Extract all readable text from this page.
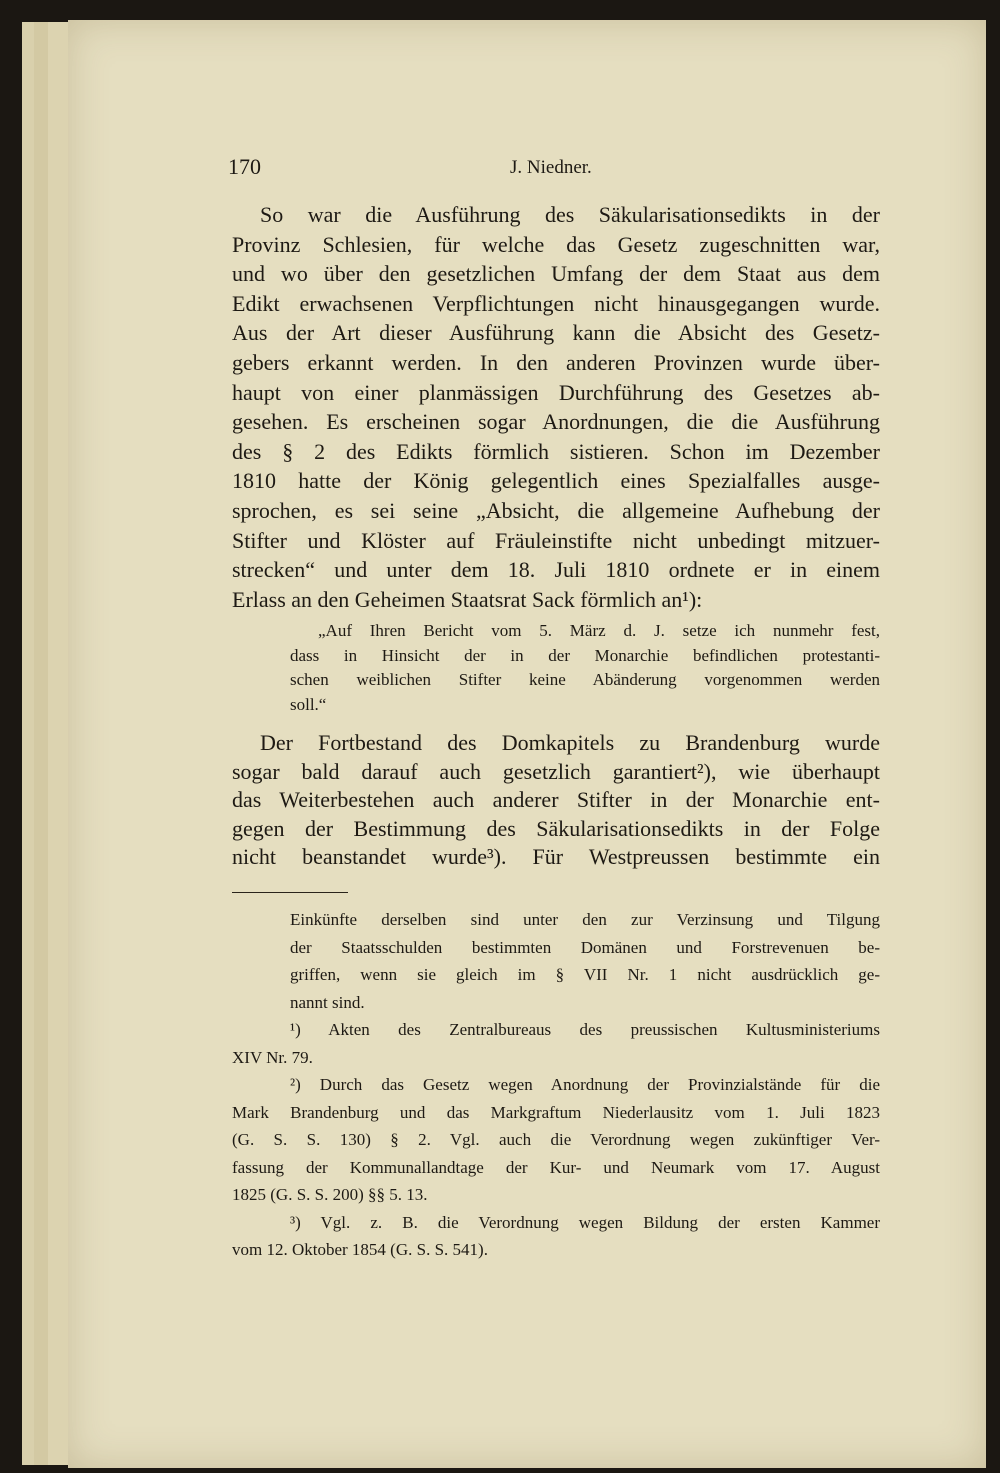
170	J. Niedner.
So war die Ausführung des Säkularisationsedikts in der
Provinz Schlesien, für welche das Gesetz zugeschnitten war,
und wo über den gesetzlichen Umfang der dem Staat aus dem
Edikt erwachsenen Verpflichtungen nicht hinausgegangen wurde.
Aus der Art dieser Ausführung kann die Absicht des Gesetz-
gebers erkannt werden. In den anderen Provinzen wurde über-
haupt von einer planmässigen Durchführung des Gesetzes ab-
gesehen. Es erscheinen sogar Anordnungen, die die Ausführung
des § 2 des Edikts förmlich sistieren. Schon im Dezember
1810 hatte der König gelegentlich eines Spezialfalles ausge-
sprochen, es sei seine „Absicht, die allgemeine Aufhebung der
Stifter und Klöster auf Fräuleinstifte nicht unbedingt mitzuer-
strecken“ und unter dem 18. Juli 1810 ordnete er in einem
Erlass an den Geheimen Staatsrat Sack förmlich an¹):
„Auf Ihren Bericht vom 5. März d. J. setze ich nunmehr fest,
dass in Hinsicht der in der Monarchie befindlichen protestanti-
schen weiblichen Stifter keine Abänderung vorgenommen werden
soll.“
Der Fortbestand des Domkapitels zu Brandenburg wurde
sogar bald darauf auch gesetzlich garantiert²), wie überhaupt
das Weiterbestehen auch anderer Stifter in der Monarchie ent-
gegen der Bestimmung des Säkularisationsedikts in der Folge
nicht beanstandet wurde³). Für Westpreussen bestimmte ein
Einkünfte derselben sind unter den zur Verzinsung und Tilgung
der Staatsschulden bestimmten Domänen und Forstrevenuen be-
griffen, wenn sie gleich im § VII Nr. 1 nicht ausdrücklich ge-
nannt sind.
¹) Akten des Zentralbureaus des preussischen Kultusministeriums
XIV Nr. 79.
²) Durch das Gesetz wegen Anordnung der Provinzialstände für die
Mark Brandenburg und das Markgraftum Niederlausitz vom 1. Juli 1823
(G. S. S. 130) § 2. Vgl. auch die Verordnung wegen zukünftiger Ver-
fassung der Kommunallandtage der Kur- und Neumark vom 17. August
1825 (G. S. S. 200) §§ 5. 13.
³) Vgl. z. B. die Verordnung wegen Bildung der ersten Kammer
vom 12. Oktober 1854 (G. S. S. 541).
